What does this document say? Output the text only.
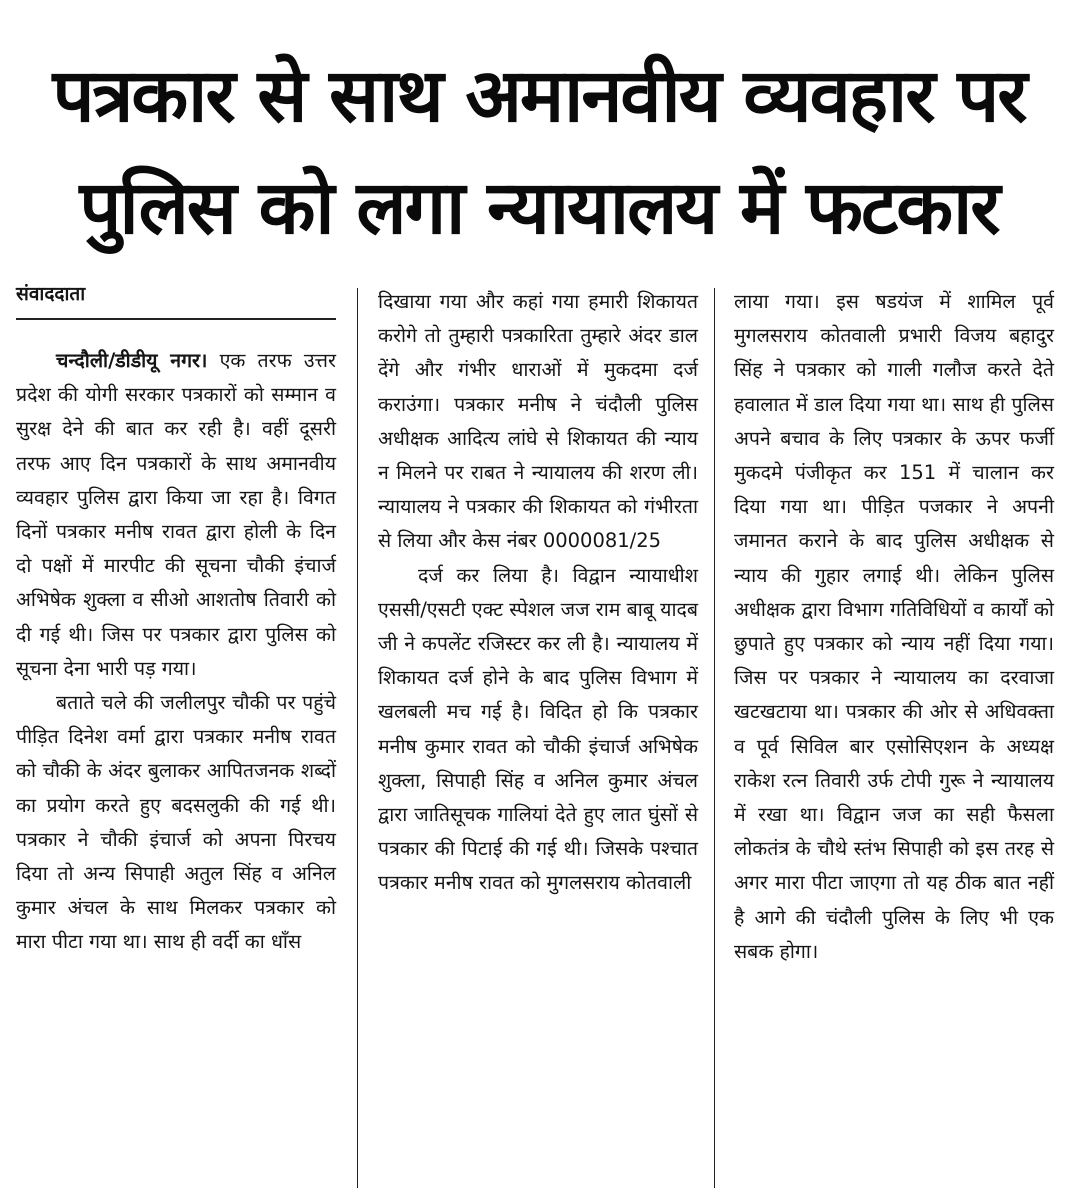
पत्रकार से साथ अमानवीय व्यवहार पर
पुलिस को लगा न्यायालय में फटकार

संवाददाता

चन्दौली/डीडीयू नगर। एक तरफ उत्तर प्रदेश की योगी सरकार पत्रकारों को सम्मान व सुरक्ष देने की बात कर रही है। वहीं दूसरी तरफ आए दिन पत्रकारों के साथ अमानवीय व्यवहार पुलिस द्वारा किया जा रहा है। विगत दिनों पत्रकार मनीष रावत द्वारा होली के दिन दो पक्षों में मारपीट की सूचना चौकी इंचार्ज अभिषेक शुक्ला व सीओ आशतोष तिवारी को दी गई थी। जिस पर पत्रकार द्वारा पुलिस को सूचना देना भारी पड़ गया।

बताते चले की जलीलपुर चौकी पर पहुंचे पीड़ित दिनेश वर्मा द्वारा पत्रकार मनीष रावत को चौकी के अंदर बुलाकर आपितजनक शब्दों का प्रयोग करते हुए बदसलुकी की गई थी। पत्रकार ने चौकी इंचार्ज को अपना पिरचय दिया तो अन्य सिपाही अतुल सिंह व अनिल कुमार अंचल के साथ मिलकर पत्रकार को मारा पीटा गया था। साथ ही वर्दी का धाँस

दिखाया गया और कहां गया हमारी शिकायत करोगे तो तुम्हारी पत्रकारिता तुम्हारे अंदर डाल देंगे और गंभीर धाराओं में मुकदमा दर्ज कराउंगा। पत्रकार मनीष ने चंदौली पुलिस अधीक्षक आदित्य लांघे से शिकायत की न्याय न मिलने पर राबत ने न्यायालय की शरण ली। न्यायालय ने पत्रकार की शिकायत को गंभीरता से लिया और केस नंबर 0000081/25

दर्ज कर लिया है। विद्वान न्यायाधीश एससी/एसटी एक्ट स्पेशल जज राम बाबू यादब जी ने कपलेंट रजिस्टर कर ली है। न्यायालय में शिकायत दर्ज होने के बाद पुलिस विभाग में खलबली मच गई है। विदित हो कि पत्रकार मनीष कुमार रावत को चौकी इंचार्ज अभिषेक शुक्ला, सिपाही सिंह व अनिल कुमार अंचल द्वारा जातिसूचक गालियां देते हुए लात घुंसों से पत्रकार की पिटाई की गई थी। जिसके पश्चात पत्रकार मनीष रावत को मुगलसराय कोतवाली

लाया गया। इस षडयंज में शामिल पूर्व मुगलसराय कोतवाली प्रभारी विजय बहादुर सिंह ने पत्रकार को गाली गलौज करते देते हवालात में डाल दिया गया था। साथ ही पुलिस अपने बचाव के लिए पत्रकार के ऊपर फर्जी मुकदमे पंजीकृत कर 151 में चालान कर दिया गया था। पीड़ित पजकार ने अपनी जमानत कराने के बाद पुलिस अधीक्षक से न्याय की गुहार लगाई थी। लेकिन पुलिस अधीक्षक द्वारा विभाग गतिविधियों व कार्यों को छुपाते हुए पत्रकार को न्याय नहीं दिया गया। जिस पर पत्रकार ने न्यायालय का दरवाजा खटखटाया था। पत्रकार की ओर से अधिवक्ता व पूर्व सिविल बार एसोसिएशन के अध्यक्ष राकेश रत्न तिवारी उर्फ टोपी गुरू ने न्यायालय में रखा था। विद्वान जज का सही फैसला लोकतंत्र के चौथे स्तंभ सिपाही को इस तरह से अगर मारा पीटा जाएगा तो यह ठीक बात नहीं है आगे की चंदौली पुलिस के लिए भी एक सबक होगा।
